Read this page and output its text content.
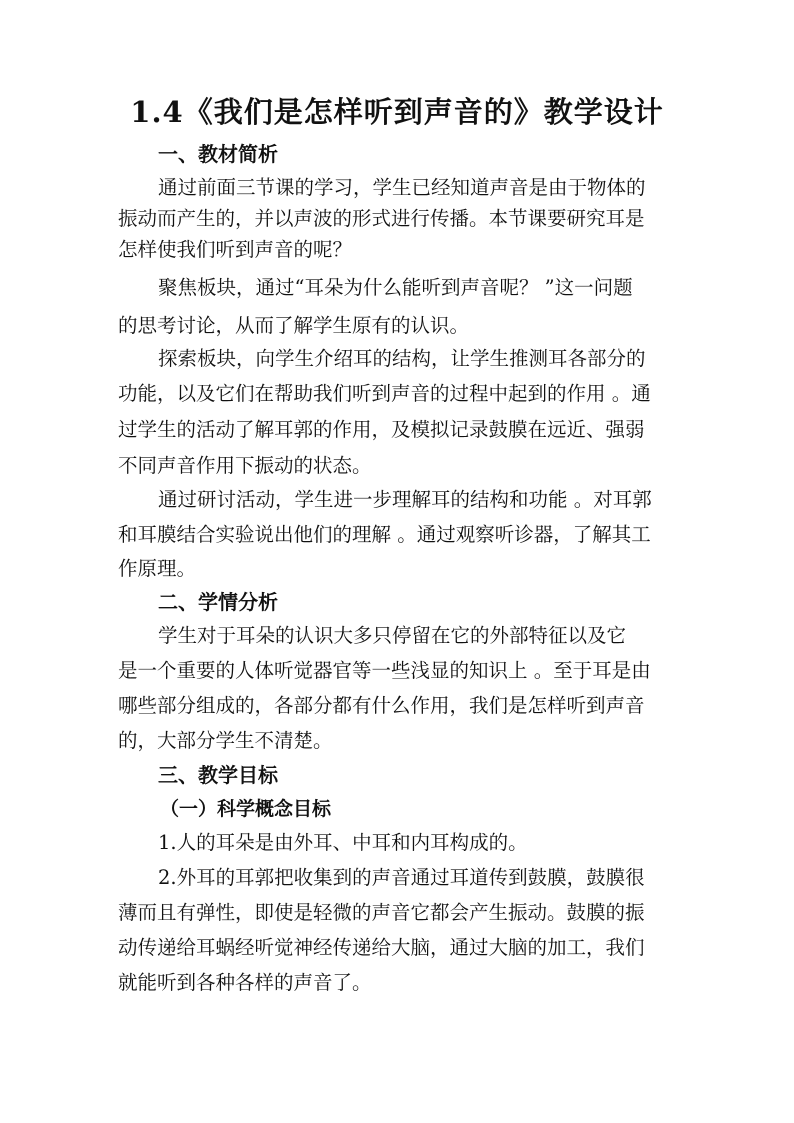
1.4《我们是怎样听到声音的》教学设计
一、教材简析
通过前面三节课的学习，学生已经知道声音是由于物体的
振动而产生的，并以声波的形式进行传播。本节课要研究耳是
怎样使我们听到声音的呢？
聚焦板块，通过“耳朵为什么能听到声音呢？ ”这一问题
的思考讨论，从而了解学生原有的认识。
探索板块，向学生介绍耳的结构，让学生推测耳各部分的
功能，以及它们在帮助我们听到声音的过程中起到的作用 。通
过学生的活动了解耳郭的作用，及模拟记录鼓膜在远近、强弱
不同声音作用下振动的状态。
通过研讨活动，学生进一步理解耳的结构和功能 。对耳郭
和耳膜结合实验说出他们的理解 。通过观察听诊器，了解其工
作原理。
二、学情分析
学生对于耳朵的认识大多只停留在它的外部特征以及它
是一个重要的人体听觉器官等一些浅显的知识上 。至于耳是由
哪些部分组成的，各部分都有什么作用，我们是怎样听到声音
的，大部分学生不清楚。
三、教学目标
（一）科学概念目标
1.人的耳朵是由外耳、中耳和内耳构成的。
2.外耳的耳郭把收集到的声音通过耳道传到鼓膜，鼓膜很
薄而且有弹性，即使是轻微的声音它都会产生振动。鼓膜的振
动传递给耳蜗经听觉神经传递给大脑，通过大脑的加工，我们
就能听到各种各样的声音了。
